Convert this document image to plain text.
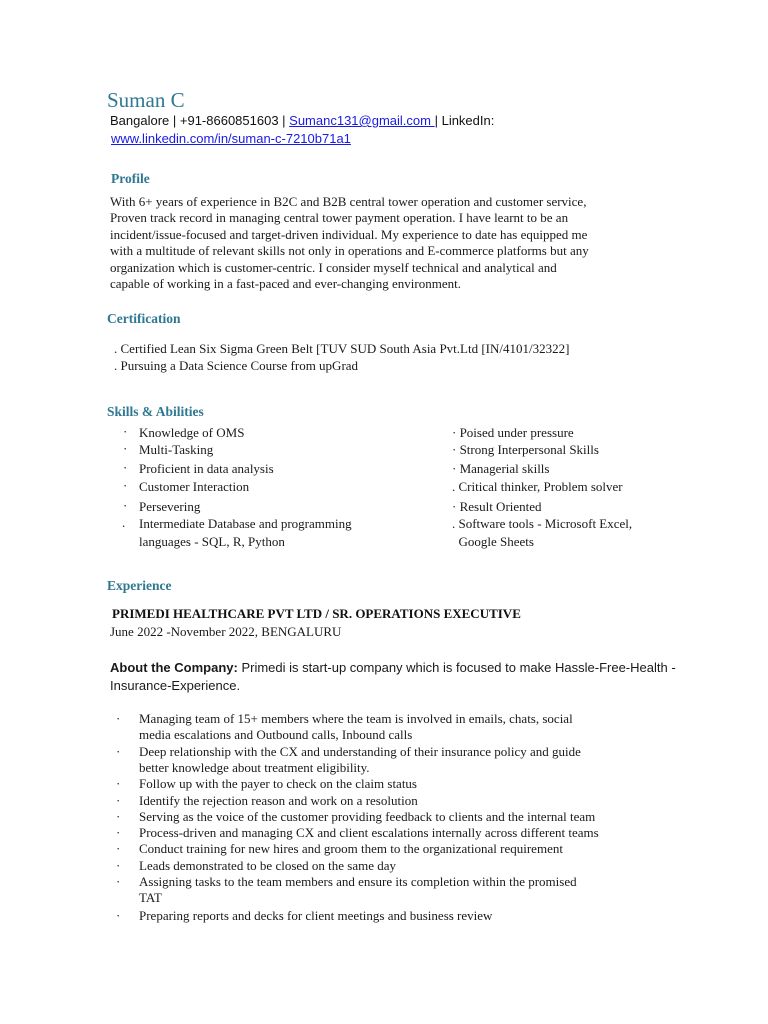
Suman C
Bangalore | +91-8660851603 | Sumanc131@gmail.com | LinkedIn:
www.linkedin.com/in/suman-c-7210b71a1
Profile
With 6+ years of experience in B2C and B2B central tower operation and customer service,
Proven track record in managing central tower payment operation. I have learnt to be an
incident/issue-focused and target-driven individual. My experience to date has equipped me
with a multitude of relevant skills not only in operations and E-commerce platforms but any
organization which is customer-centric. I consider myself technical and analytical and
capable of working in a fast-paced and ever-changing environment.
Certification
. Certified Lean Six Sigma Green Belt [TUV SUD South Asia Pvt.Ltd [IN/4101/32322]
. Pursuing a Data Science Course from upGrad
Skills & Abilities
· Knowledge of OMS
· Multi-Tasking
· Proficient in data analysis
· Customer Interaction
· Persevering
. Intermediate Database and programming
languages - SQL, R, Python
· Poised under pressure
· Strong Interpersonal Skills
· Managerial skills
. Critical thinker, Problem solver
· Result Oriented
. Software tools - Microsoft Excel,
Google Sheets
Experience
PRIMEDI HEALTHCARE PVT LTD / SR. OPERATIONS EXECUTIVE
June 2022 -November 2022, BENGALURU
About the Company: Primedi is start-up company which is focused to make Hassle-Free-Health -
Insurance-Experience.
· Managing team of 15+ members where the team is involved in emails, chats, social
media escalations and Outbound calls, Inbound calls
· Deep relationship with the CX and understanding of their insurance policy and guide
better knowledge about treatment eligibility.
· Follow up with the payer to check on the claim status
· Identify the rejection reason and work on a resolution
· Serving as the voice of the customer providing feedback to clients and the internal team
· Process-driven and managing CX and client escalations internally across different teams
· Conduct training for new hires and groom them to the organizational requirement
· Leads demonstrated to be closed on the same day
· Assigning tasks to the team members and ensure its completion within the promised
TAT
· Preparing reports and decks for client meetings and business review
